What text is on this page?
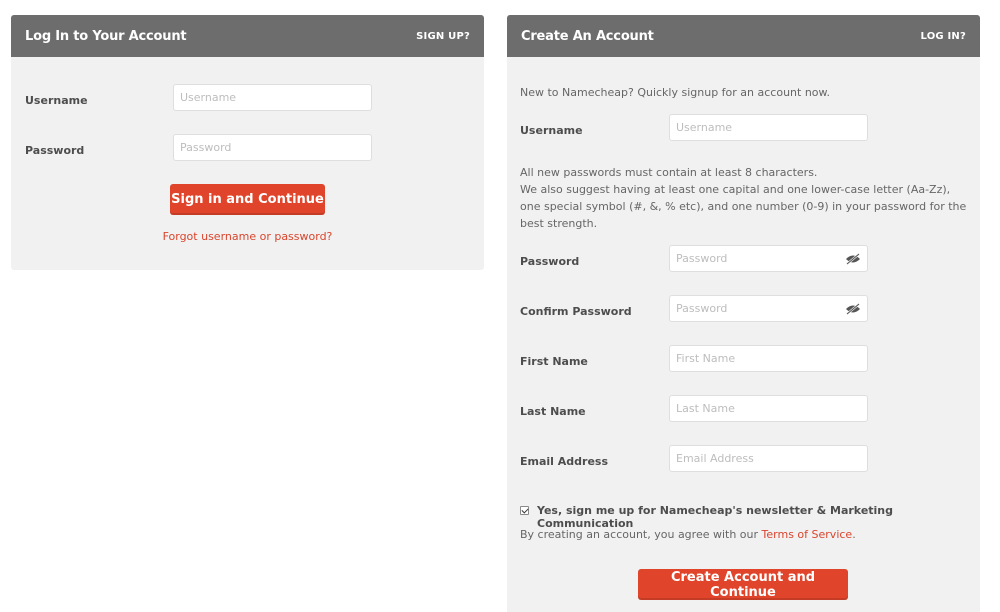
Log In to Your Account	SIGN UP?
Username
Username
Password
Sign in and Continue
Forgot username or password?
Create An Account	LOG IN?
New to Namecheap? Quickly signup for an account now.
Username
Username
All new passwords must contain at least 8 characters.
We also suggest having at least one capital and one lower-case letter (Aa-Zz), one special symbol (#, &, % etc), and one number (0-9) in your password for the best strength.
Password
Confirm Password
First Name
First Name
Last Name
Last Name
Email Address
Email Address
Yes, sign me up for Namecheap's newsletter & Marketing Communication
By creating an account, you agree with our Terms of Service.
Create Account and Continue
